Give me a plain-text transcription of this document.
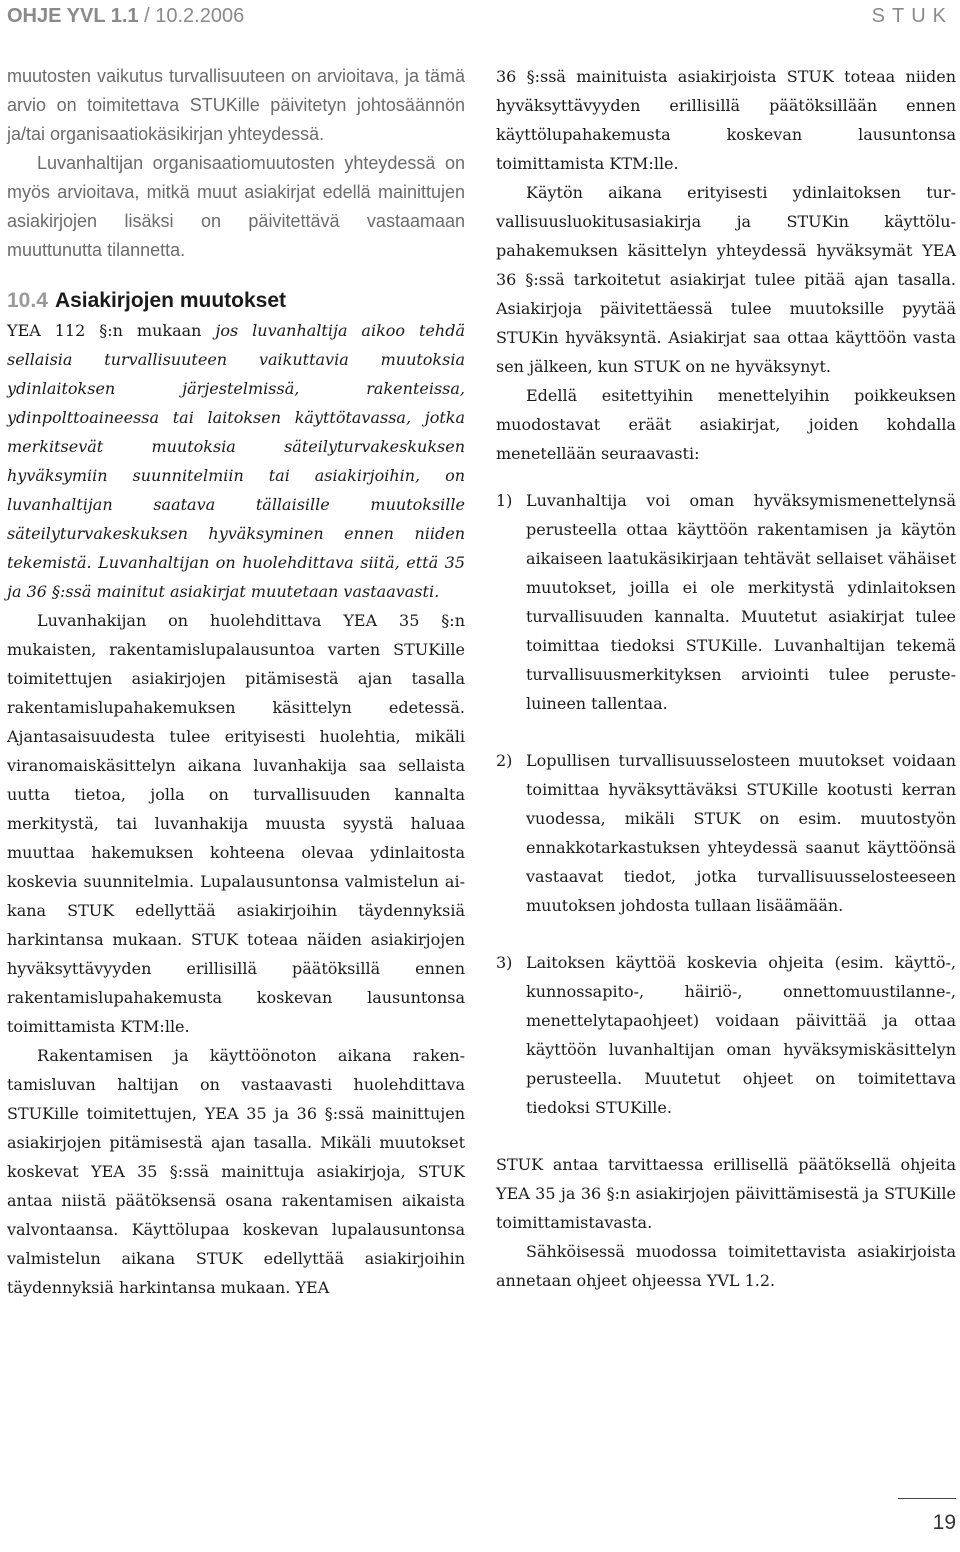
OHJE YVL 1.1 / 10.2.2006	STUK

muutosten vaikutus turvallisuuteen on arvioitava, ja tämä arvio on toimitettava STUKille päivitetyn johtosäännön ja/tai organisaatiokäsikirjan yhteydessä.

Luvanhaltijan organisaatiomuutosten yhteydessä on myös arvioitava, mitkä muut asiakirjat edellä mainittujen asiakirjojen lisäksi on päivitettävä vastaamaan muuttunutta tilannetta.

10.4 Asiakirjojen muutokset

YEA 112 §:n mukaan jos luvanhaltija aikoo tehdä sellaisia turvallisuuteen vaikuttavia muutoksia ydinlaitoksen järjestelmissä, rakenteissa, ydinpolttoaineessa tai laitoksen käyttötavassa, jotka merkitsevät muutoksia säteilyturvakeskuksen hyväksymiin suunnitelmiin tai asiakirjoihin, on luvanhaltijan saatava tällaisille muutoksille säteilyturvakeskuksen hyväksyminen ennen niiden tekemistä. Luvanhaltijan on huolehdittava siitä, että 35 ja 36 §:ssä mainitut asiakirjat muutetaan vastaavasti.

Luvanhakijan on huolehdittava YEA 35 §:n mukaisten, rakentamislupalausuntoa varten STUKille toimitettujen asiakirjojen pitämisestä ajan tasalla rakentamislupahakemuksen käsittelyn edetessä. Ajantasaisuudesta tulee erityisesti huolehtia, mikäli viranomaiskäsittelyn aikana luvanhakija saa sellaista uutta tietoa, jolla on turvallisuuden kannalta merkitystä, tai luvanhakija muusta syystä haluaa muuttaa hakemuksen kohteena olevaa ydinlaitosta koskevia suunnitelmia. Lupalausuntonsa valmistelun aikana STUK edellyttää asiakirjoihin täydennyksiä harkintansa mukaan. STUK toteaa näiden asiakirjojen hyväksyttävyyden erillisillä päätöksillä ennen rakentamislupahakemusta koskevan lausuntonsa toimittamista KTM:lle.

Rakentamisen ja käyttöönoton aikana rakentamisluvan haltijan on vastaavasti huolehdittava STUKille toimitettujen, YEA 35 ja 36 §:ssä mainittujen asiakirjojen pitämisestä ajan tasalla. Mikäli muutokset koskevat YEA 35 §:ssä mainittuja asiakirjoja, STUK antaa niistä päätöksensä osana rakentamisen aikaista valvontaansa. Käyttölupaa koskevan lupalausuntonsa valmistelun aikana STUK edellyttää asiakirjoihin täydennyksiä harkintansa mukaan. YEA

36 §:ssä mainituista asiakirjoista STUK toteaa niiden hyväksyttävyyden erillisillä päätöksillään ennen käyttölupahakemusta koskevan lausuntonsa toimittamista KTM:lle.

Käytön aikana erityisesti ydinlaitoksen turvallisuusluokitusasiakirja ja STUKin käyttölupahakemuksen käsittelyn yhteydessä hyväksymät YEA 36 §:ssä tarkoitetut asiakirjat tulee pitää ajan tasalla. Asiakirjoja päivitettäessä tulee muutoksille pyytää STUKin hyväksyntä. Asiakirjat saa ottaa käyttöön vasta sen jälkeen, kun STUK on ne hyväksynyt.

Edellä esitettyihin menettelyihin poikkeuksen muodostavat eräät asiakirjat, joiden kohdalla menetellään seuraavasti:

1) Luvanhaltija voi oman hyväksymismenettelynsä perusteella ottaa käyttöön rakentamisen ja käytön aikaiseen laatukäsikirjaan tehtävät sellaiset vähäiset muutokset, joilla ei ole merkitystä ydinlaitoksen turvallisuuden kannalta. Muutetut asiakirjat tulee toimittaa tiedoksi STUKille. Luvanhaltijan tekemä turvallisuusmerkityksen arviointi tulee perusteluineen tallentaa.
2) Lopullisen turvallisuusselosteen muutokset voidaan toimittaa hyväksyttäväksi STUKille kootusti kerran vuodessa, mikäli STUK on esim. muutostyön ennakkotarkastuksen yhteydessä saanut käyttöönsä vastaavat tiedot, jotka turvallisuusselosteeseen muutoksen johdosta tullaan lisäämään.
3) Laitoksen käyttöä koskevia ohjeita (esim. käyttö-, kunnossapito-, häiriö-, onnettomuustilanne-, menettelytapaohjeet) voidaan päivittää ja ottaa käyttöön luvanhaltijan oman hyväksymiskäsittelyn perusteella. Muutetut ohjeet on toimitettava tiedoksi STUKille.

STUK antaa tarvittaessa erillisellä päätöksellä ohjeita YEA 35 ja 36 §:n asiakirjojen päivittämisestä ja STUKille toimittamistavasta.

Sähköisessä muodossa toimitettavista asiakirjoista annetaan ohjeet ohjeessa YVL 1.2.

19
